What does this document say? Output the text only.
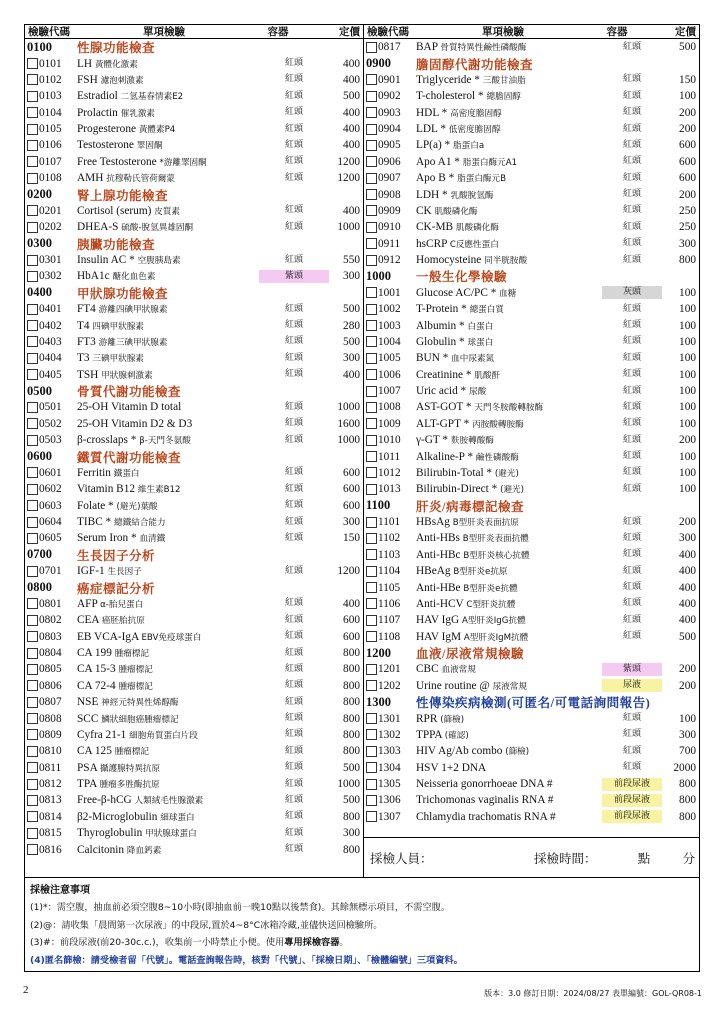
檢驗代碼	單項檢驗	容器	定價
0100	性腺功能檢查
0101	LH 黃體化激素	紅頭	400
0102	FSH 濾泡刺激素	紅頭	400
0103	Estradiol 二氫基春情素E2	紅頭	500
0104	Prolactin 催乳激素	紅頭	400
0105	Progesterone 黃體素P4	紅頭	400
0106	Testosterone 睪固酮	紅頭	400
0107	Free Testosterone *游離睪固酮	紅頭	1200
0108	AMH 抗穆勒氏管荷爾蒙	紅頭	1200
0200	腎上腺功能檢查
0201	Cortisol (serum) 皮質素	紅頭	400
0202	DHEA-S 硫酸-脫氫異雄固酮	紅頭	1000
0300	胰臟功能檢查
0301	Insulin AC * 空腹胰島素	紅頭	550
0302	HbA1c 醣化血色素	紫頭	300
0400	甲狀腺功能檢查
0401	FT4 游離四碘甲狀腺素	紅頭	500
0402	T4 四碘甲狀腺素	紅頭	280
0403	FT3 游離三碘甲狀腺素	紅頭	500
0404	T3 三碘甲狀腺素	紅頭	300
0405	TSH 甲狀腺刺激素	紅頭	400
0500	骨質代謝功能檢查
0501	25-OH Vitamin D total	紅頭	1000
0502	25-OH Vitamin D2 & D3	紅頭	1600
0503	β-crosslaps * β-天門冬氨酸	紅頭	1000
0600	鐵質代謝功能檢查
0601	Ferritin 鐵蛋白	紅頭	600
0602	Vitamin B12 維生素B12	紅頭	600
0603	Folate * (避光)葉酸	紅頭	600
0604	TIBC * 總鐵結合能力	紅頭	300
0605	Serum Iron * 血清鐵	紅頭	150
0700	生長因子分析
0701	IGF-1 生長因子	紅頭	1200
0800	癌症標記分析
0801	AFP α-胎兒蛋白	紅頭	400
0802	CEA 癌胚胎抗原	紅頭	600
0803	EB VCA-IgA EBV免疫球蛋白	紅頭	600
0804	CA 199 腫瘤標記	紅頭	800
0805	CA 15-3 腫瘤標記	紅頭	800
0806	CA 72-4 腫瘤標記	紅頭	800
0807	NSE 神經元特異性烯醇酶	紅頭	800
0808	SCC 鱗狀細胞癌腫瘤標記	紅頭	800
0809	Cyfra 21-1 細胞角質蛋白片段	紅頭	800
0810	CA 125 腫瘤標記	紅頭	800
0811	PSA 攝護腺特異抗原	紅頭	500
0812	TPA 腫瘤多胜酶抗原	紅頭	1000
0813	Free-β-hCG 人類絨毛性腺激素	紅頭	500
0814	β2-Microglobulin 細球蛋白	紅頭	800
0815	Thyroglobulin 甲狀腺球蛋白	紅頭	300
0816	Calcitonin 降血鈣素	紅頭	800
檢驗代碼	單項檢驗	容器	定價
0817	BAP 骨質特異性鹼性磷酸酶	紅頭	500
0900	膽固醇代謝功能檢查
0901	Triglyceride * 三酸甘油脂	紅頭	150
0902	T-cholesterol * 總膽固醇	紅頭	100
0903	HDL * 高密度膽固醇	紅頭	200
0904	LDL * 低密度膽固醇	紅頭	200
0905	LP(a) * 脂蛋白a	紅頭	600
0906	Apo A1 * 脂蛋白酶元A1	紅頭	600
0907	Apo B * 脂蛋白酶元B	紅頭	600
0908	LDH * 乳酸脫氫酶	紅頭	200
0909	CK 肌酸磷化酶	紅頭	250
0910	CK-MB 肌酸磷化酶	紅頭	250
0911	hsCRP C反應性蛋白	紅頭	300
0912	Homocysteine 同半胱胺酸	紅頭	800
1000	一般生化學檢驗
1001	Glucose AC/PC * 血糖	灰頭	100
1002	T-Protein * 總蛋白質	紅頭	100
1003	Albumin * 白蛋白	紅頭	100
1004	Globulin * 球蛋白	紅頭	100
1005	BUN * 血中尿素氮	紅頭	100
1006	Creatinine * 肌酸酐	紅頭	100
1007	Uric acid * 尿酸	紅頭	100
1008	AST-GOT * 天門冬胺酸轉胺酶	紅頭	100
1009	ALT-GPT * 丙胺酸轉胺酶	紅頭	100
1010	γ-GT * 麩胺轉酸酶	紅頭	200
1011	Alkaline-P * 鹼性磷酸酶	紅頭	100
1012	Bilirubin-Total * (避光)	紅頭	100
1013	Bilirubin-Direct * (避光)	紅頭	100
1100	肝炎/病毒標記檢查
1101	HBsAg B型肝炎表面抗原	紅頭	200
1102	Anti-HBs B型肝炎表面抗體	紅頭	300
1103	Anti-HBc B型肝炎核心抗體	紅頭	400
1104	HBeAg B型肝炎e抗原	紅頭	400
1105	Anti-HBe B型肝炎e抗體	紅頭	400
1106	Anti-HCV C型肝炎抗體	紅頭	400
1107	HAV IgG A型肝炎IgG抗體	紅頭	400
1108	HAV IgM A型肝炎IgM抗體	紅頭	500
1200	血液/尿液常規檢驗
1201	CBC 血液常規	紫頭	200
1202	Urine routine @ 尿液常規	尿液	200
1300	性傳染疾病檢測(可匿名/可電話詢問報告)
1301	RPR (篩檢)	紅頭	100
1302	TPPA (確認)	紅頭	300
1303	HIV Ag/Ab combo (篩檢)	紅頭	700
1304	HSV 1+2 DNA	紅頭	2000
1305	Neisseria gonorrhoeae DNA #	前段尿液	800
1306	Trichomonas vaginalis RNA #	前段尿液	800
1307	Chlamydia trachomatis RNA #	前段尿液	800
採檢人員：	採檢時間：	點	分
採檢注意事項
(1)*：需空腹，抽血前必須空腹8~10小時(即抽血前一晚10點以後禁食)。其餘無標示項目，不需空腹。
(2)@：請收集「晨間第一次尿液」的中段尿,置於4~8°C冰箱冷藏,並儘快送回檢驗所。
(3)#：前段尿液(前20-30c.c.)，收集前一小時禁止小便。使用專用採檢容器。
(4)匿名篩檢：請受檢者留「代號」。電話查詢報告時，核對「代號」、「採檢日期」、「檢體編號」三項資料。
2	版本：3.0 修訂日期：2024/08/27 表單編號：GOL-QR08-1
